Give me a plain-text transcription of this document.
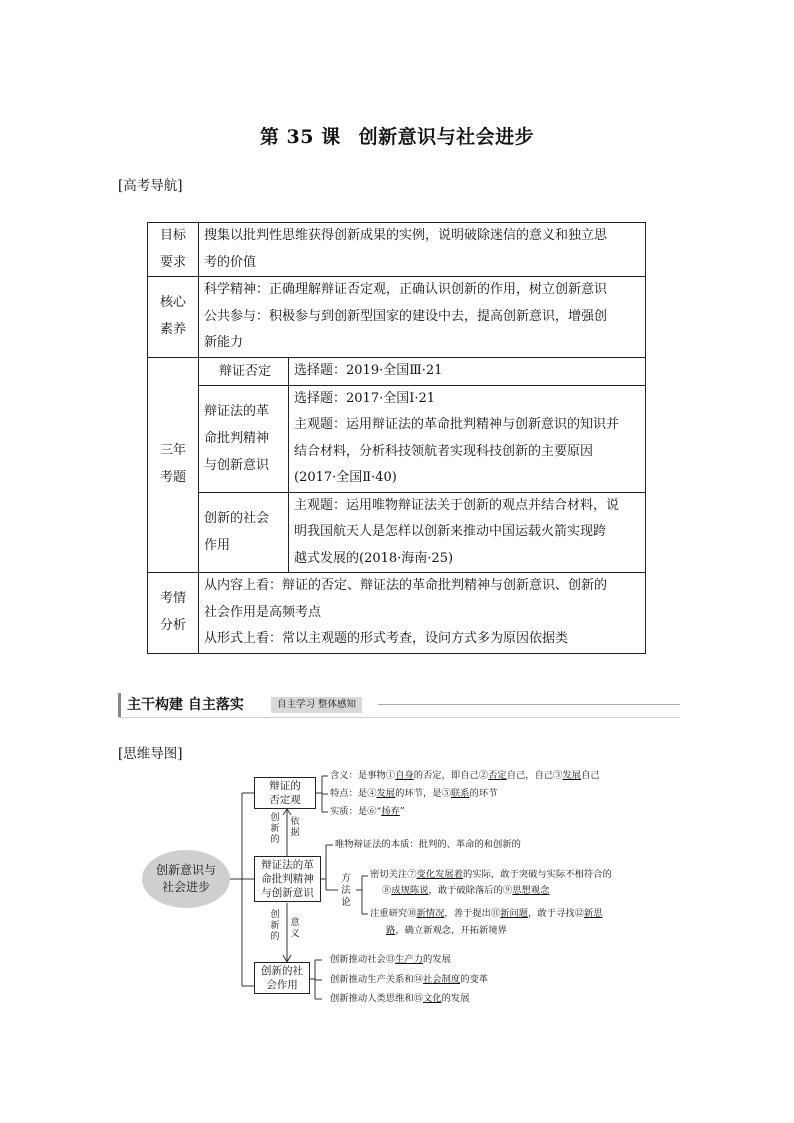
第 35 课 创新意识与社会进步
[高考导航]
目标
要求	搜集以批判性思维获得创新成果的实例，说明破除迷信的意义和独立思
考的价值	

核心
素养	科学精神：正确理解辩证否定观，正确认识创新的作用，树立创新意识
公共参与：积极参与到创新型国家的建设中去，提高创新意识，增强创
新能力	

三年
考题	辩证否定	选择题：2019·全国Ⅲ·21

	辩证法的革
命批判精神
与创新意识	选择题：2017·全国Ⅰ·21
主观题：运用辩证法的革命批判精神与创新意识的知识并
结合材料，分析科技领航者实现科技创新的主要原因
(2017·全国Ⅱ·40)

	创新的社会
作用	主观题：运用唯物辩证法关于创新的观点并结合材料，说
明我国航天人是怎样以创新来推动中国运载火箭实现跨
越式发展的(2018·海南·25)

考情
分析	从内容上看：辩证的否定、辩证法的革命批判精神与创新意识、创新的
社会作用是高频考点
从形式上看：常以主观题的形式考查，设问方式多为原因依据类	
主干构建 自主落实	自主学习 整体感知
[思维导图]
创新意识与
社会进步
辩证的
否定观
辩证法的革
命批判精神
与创新意识
创新的社
会作用
创
新
的
依
据
创
新
的
意
义
含义：是事物①自身的否定，即自己②否定自己，自己③发展自己
特点：是④发展的环节，是⑤联系的环节
实质：是⑥“扬弃”
唯物辩证法的本质：批判的、革命的和创新的
方
法
论
密切关注⑦变化发展着的实际，敢于突破与实际不相符合的
⑧成规陈说，敢于破除落后的⑨思想观念
注重研究⑩新情况，善于提出⑪新问题，敢于寻找⑫新思
路，确立新观念，开拓新境界
创新推动社会⑬生产力的发展
创新推动生产关系和⑭社会制度的变革
创新推动人类思维和⑮文化的发展
